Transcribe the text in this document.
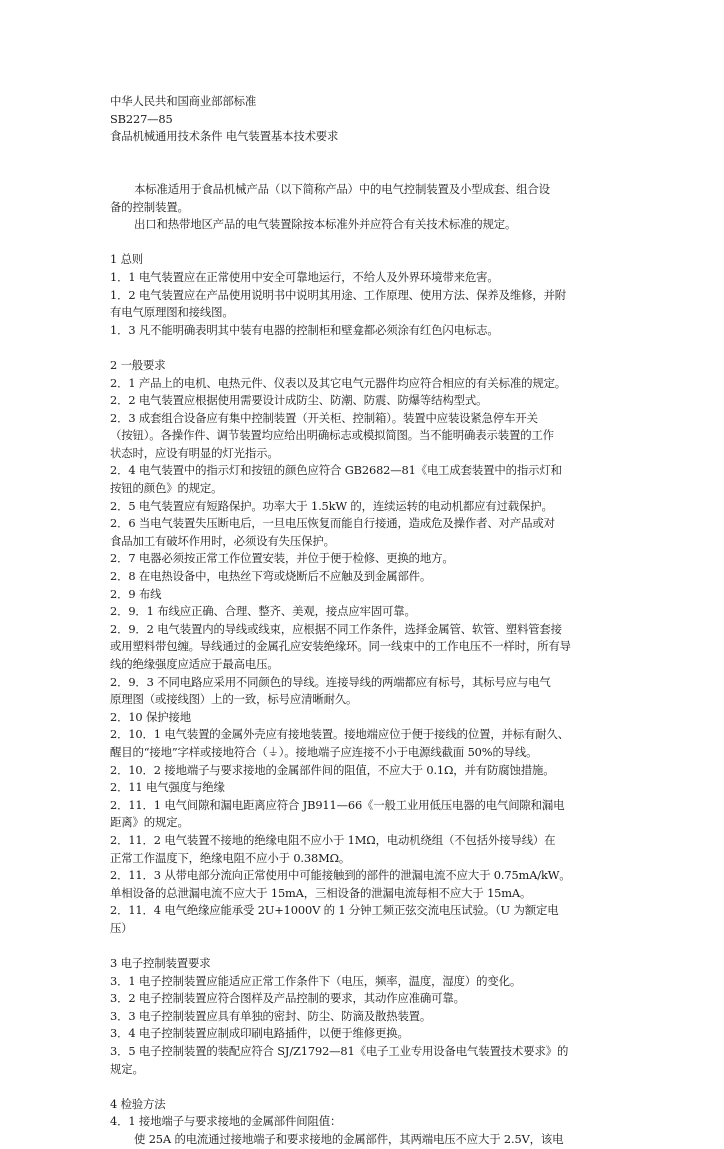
中华人民共和国商业部部标准
SB227—85
食品机械通用技术条件 电气装置基本技术要求
本标准适用于食品机械产品（以下简称产品）中的电气控制装置及小型成套、组合设
备的控制装置。
出口和热带地区产品的电气装置除按本标准外并应符合有关技术标准的规定。
1 总则
1．1 电气装置应在正常使用中安全可靠地运行，不给人及外界环境带来危害。
1．2 电气装置应在产品使用说明书中说明其用途、工作原理、使用方法、保养及维修，并附
有电气原理图和接线图。
1．3 凡不能明确表明其中装有电器的控制柜和壁龛都必须涂有红色闪电标志。
2 一般要求
2．1 产品上的电机、电热元件、仪表以及其它电气元器件均应符合相应的有关标准的规定。
2．2 电气装置应根据使用需要设计成防尘、防潮、防震、防爆等结构型式。
2．3 成套组合设备应有集中控制装置（开关柜、控制箱）。装置中应装设紧急停车开关
（按钮）。各操作件、调节装置均应给出明确标志或模拟简图。当不能明确表示装置的工作
状态时，应设有明显的灯光指示。
2．4 电气装置中的指示灯和按钮的颜色应符合 GB2682—81《电工成套装置中的指示灯和
按钮的颜色》的规定。
2．5 电气装置应有短路保护。功率大于 1.5kW 的，连续运转的电动机都应有过载保护。
2．6 当电气装置失压断电后，一旦电压恢复而能自行接通，造成危及操作者、对产品或对
食品加工有破坏作用时，必须设有失压保护。
2．7 电器必须按正常工作位置安装，并位于便于检修、更换的地方。
2．8 在电热设备中，电热丝下弯或烧断后不应触及到金属部件。
2．9 布线
2．9．1 布线应正确、合理、整齐、美观，接点应牢固可靠。
2．9．2 电气装置内的导线或线束，应根据不同工作条件，选择金属管、软管、塑料管套接
或用塑料带包缠。导线通过的金属孔应安装绝缘环。同一线束中的工作电压不一样时，所有导
线的绝缘强度应适应于最高电压。
2．9．3 不同电路应采用不同颜色的导线。连接导线的两端都应有标号，其标号应与电气
原理图（或接线图）上的一致，标号应清晰耐久。
2．10 保护接地
2．10．1 电气装置的金属外壳应有接地装置。接地端应位于便于接线的位置，并标有耐久、
醒目的“接地”字样或接地符合（⏚）。接地端子应连接不小于电源线截面 50%的导线。
2．10．2 接地端子与要求接地的金属部件间的阻值，不应大于 0.1Ω，并有防腐蚀措施。
2．11 电气强度与绝缘
2．11．1 电气间隙和漏电距离应符合 JB911—66《一般工业用低压电器的电气间隙和漏电
距离》的规定。
2．11．2 电气装置不接地的绝缘电阻不应小于 1MΩ，电动机绕组（不包括外接导线）在
正常工作温度下，绝缘电阻不应小于 0.38MΩ。
2．11．3 从带电部分流向正常使用中可能接触到的部件的泄漏电流不应大于 0.75mA/kW。
单相设备的总泄漏电流不应大于 15mA，三相设备的泄漏电流每相不应大于 15mA。
2．11．4 电气绝缘应能承受 2U+1000V 的 1 分钟工频正弦交流电压试验。（U 为额定电
压）
3 电子控制装置要求
3．1 电子控制装置应能适应正常工作条件下（电压，频率，温度，湿度）的变化。
3．2 电子控制装置应符合图样及产品控制的要求，其动作应准确可靠。
3．3 电子控制装置应具有单独的密封、防尘、防滴及散热装置。
3．4 电子控制装置应制成印刷电路插件，以便于维修更换。
3．5 电子控制装置的装配应符合 SJ/Z1792—81《电子工业专用设备电气装置技术要求》的
规定。
4 检验方法
4．1 接地端子与要求接地的金属部件间阻值：
使 25A 的电流通过接地端子和要求接地的金属部件，其两端电压不应大于 2.5V，该电
